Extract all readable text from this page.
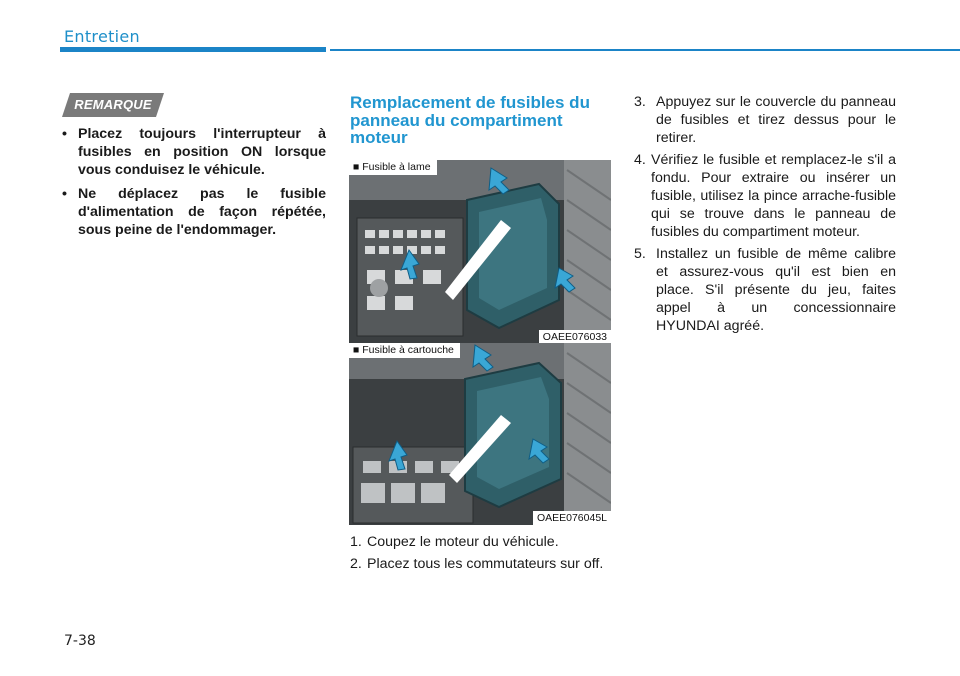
Entretien
REMARQUE
• Placez toujours l'interrupteur à fusibles en position ON lorsque vous conduisez le véhicule.
• Ne déplacez pas le fusible d'alimentation de façon répétée, sous peine de l'endommager.
Remplacement de fusibles du panneau du compartiment moteur
■ Fusible à lame
OAEE076033
■ Fusible à cartouche
OAEE076045L
1. Coupez le moteur du véhicule.
2. Placez tous les commutateurs sur off.
3. Appuyez sur le couvercle du panneau de fusibles et tirez dessus pour le retirer.
4. Vérifiez le fusible et remplacez-le s'il a fondu. Pour extraire ou insérer un fusible, utilisez la pince arrache-fusible qui se trouve dans le panneau de fusibles du compartiment moteur.
5. Installez un fusible de même calibre et assurez-vous qu'il est bien en place. S'il présente du jeu, faites appel à un concessionnaire HYUNDAI agréé.
7-38
